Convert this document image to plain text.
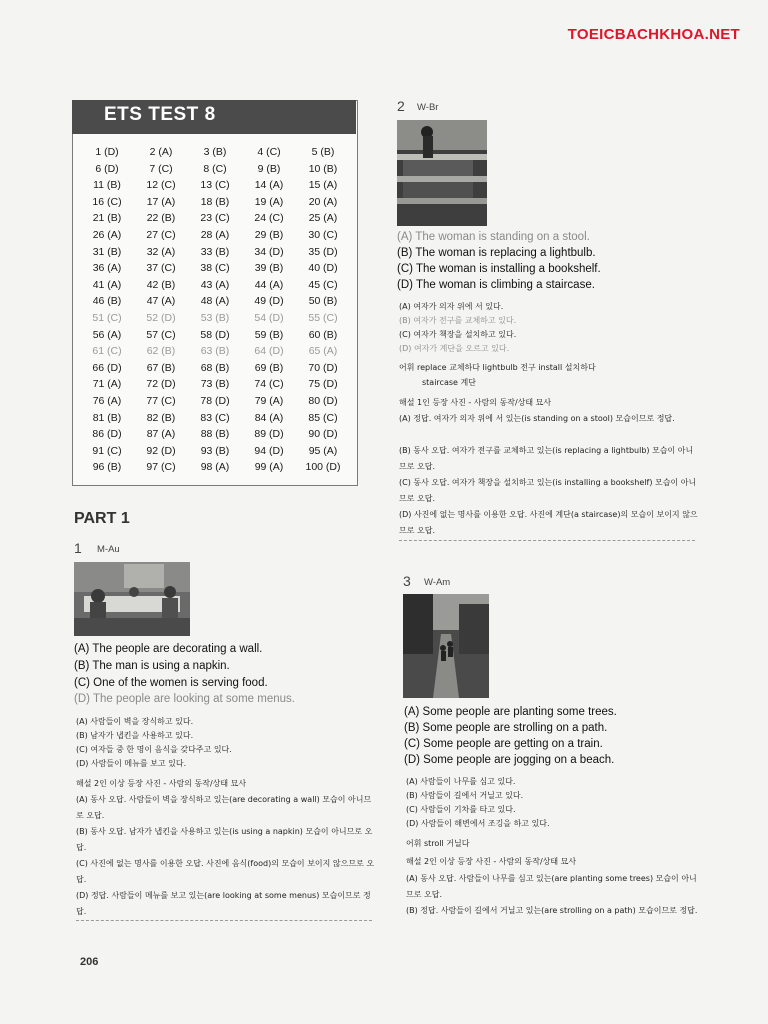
TOEICBACHKHOA.NET
ETS TEST 8
1 (D)	2 (A)	3 (B)	4 (C)	5 (B)
6 (D)	7 (C)	8 (C)	9 (B)	10 (B)
11 (B)	12 (C)	13 (C)	14 (A)	15 (A)
16 (C)	17 (A)	18 (B)	19 (A)	20 (A)
21 (B)	22 (B)	23 (C)	24 (C)	25 (A)
26 (A)	27 (C)	28 (A)	29 (B)	30 (C)
31 (B)	32 (A)	33 (B)	34 (D)	35 (D)
36 (A)	37 (C)	38 (C)	39 (B)	40 (D)
41 (A)	42 (B)	43 (A)	44 (A)	45 (C)
46 (B)	47 (A)	48 (A)	49 (D)	50 (B)
51 (C)	52 (D)	53 (B)	54 (D)	55 (C)
56 (A)	57 (C)	58 (D)	59 (B)	60 (B)
61 (C)	62 (B)	63 (B)	64 (D)	65 (A)
66 (D)	67 (B)	68 (B)	69 (B)	70 (D)
71 (A)	72 (D)	73 (B)	74 (C)	75 (D)
76 (A)	77 (C)	78 (D)	79 (A)	80 (D)
81 (B)	82 (B)	83 (C)	84 (A)	85 (C)
86 (D)	87 (A)	88 (B)	89 (D)	90 (D)
91 (C)	92 (D)	93 (B)	94 (D)	95 (A)
96 (B)	97 (C)	98 (A)	99 (A)	100 (D)
PART 1
1 M-Au
(A) The people are decorating a wall.
(B) The man is using a napkin.
(C) One of the women is serving food.
(D) The people are looking at some menus.
(A) 사람들이 벽을 장식하고 있다.
(B) 남자가 냅킨을 사용하고 있다.
(C) 여자들 중 한 명이 음식을 갖다주고 있다.
(D) 사람들이 메뉴를 보고 있다.
해설 2인 이상 등장 사진 - 사람의 동작/상태 묘사
(A) 동사 오답. 사람들이 벽을 장식하고 있는(are decorating a wall) 모습이 아니므로 오답.
(B) 동사 오답. 남자가 냅킨을 사용하고 있는(is using a napkin) 모습이 아니므로 오답.
(C) 사진에 없는 명사를 이용한 오답. 사진에 음식(food)의 모습이 보이지 않으므로 오답.
(D) 정답. 사람들이 메뉴를 보고 있는(are looking at some menus) 모습이므로 정답.
2 W-Br
(A) The woman is standing on a stool.
(B) The woman is replacing a lightbulb.
(C) The woman is installing a bookshelf.
(D) The woman is climbing a staircase.
(A) 여자가 의자 위에 서 있다.
(B) 여자가 전구를 교체하고 있다.
(C) 여자가 책장을 설치하고 있다.
(D) 여자가 계단을 오르고 있다.
어휘 replace 교체하다 lightbulb 전구 install 설치하다
staircase 계단
해설 1인 등장 사진 - 사람의 동작/상태 묘사
(A) 정답. 여자가 의자 위에 서 있는(is standing on a stool) 모습이므로 정답.
(B) 동사 오답. 여자가 전구를 교체하고 있는(is replacing a lightbulb) 모습이 아니므로 오답.
(C) 동사 오답. 여자가 책장을 설치하고 있는(is installing a bookshelf) 모습이 아니므로 오답.
(D) 사진에 없는 명사를 이용한 오답. 사진에 계단(a staircase)의 모습이 보이지 않으므로 오답.
3 W-Am
(A) Some people are planting some trees.
(B) Some people are strolling on a path.
(C) Some people are getting on a train.
(D) Some people are jogging on a beach.
(A) 사람들이 나무를 심고 있다.
(B) 사람들이 길에서 거닐고 있다.
(C) 사람들이 기차를 타고 있다.
(D) 사람들이 해변에서 조깅을 하고 있다.
어휘 stroll 거닐다
해설 2인 이상 등장 사진 - 사람의 동작/상태 묘사
(A) 동사 오답. 사람들이 나무를 심고 있는(are planting some trees) 모습이 아니므로 오답.
(B) 정답. 사람들이 길에서 거닐고 있는(are strolling on a path) 모습이므로 정답.
206
